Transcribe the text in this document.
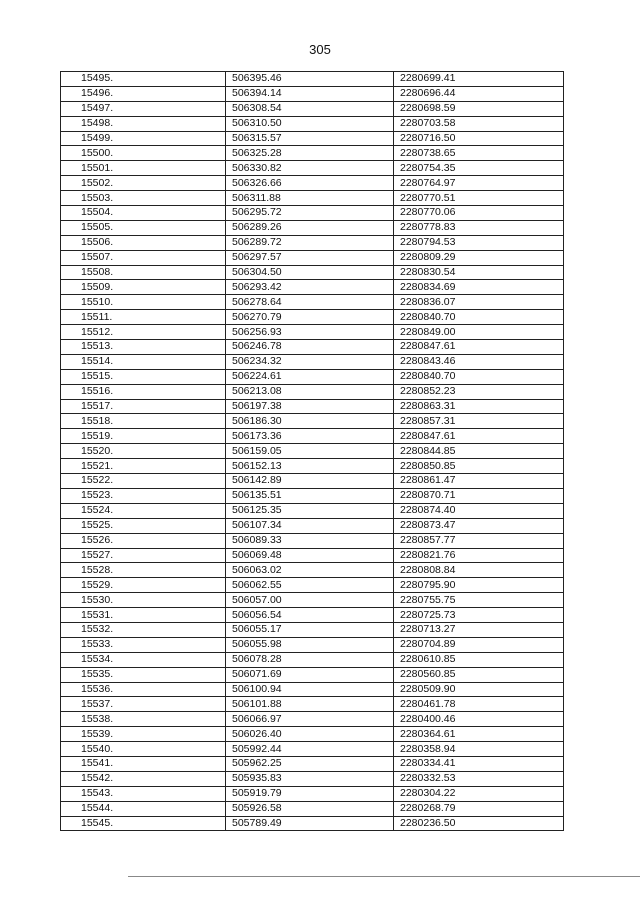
305
15495.	506395.46	2280699.41
15496.	506394.14	2280696.44
15497.	506308.54	2280698.59
15498.	506310.50	2280703.58
15499.	506315.57	2280716.50
15500.	506325.28	2280738.65
15501.	506330.82	2280754.35
15502.	506326.66	2280764.97
15503.	506311.88	2280770.51
15504.	506295.72	2280770.06
15505.	506289.26	2280778.83
15506.	506289.72	2280794.53
15507.	506297.57	2280809.29
15508.	506304.50	2280830.54
15509.	506293.42	2280834.69
15510.	506278.64	2280836.07
15511.	506270.79	2280840.70
15512.	506256.93	2280849.00
15513.	506246.78	2280847.61
15514.	506234.32	2280843.46
15515.	506224.61	2280840.70
15516.	506213.08	2280852.23
15517.	506197.38	2280863.31
15518.	506186.30	2280857.31
15519.	506173.36	2280847.61
15520.	506159.05	2280844.85
15521.	506152.13	2280850.85
15522.	506142.89	2280861.47
15523.	506135.51	2280870.71
15524.	506125.35	2280874.40
15525.	506107.34	2280873.47
15526.	506089.33	2280857.77
15527.	506069.48	2280821.76
15528.	506063.02	2280808.84
15529.	506062.55	2280795.90
15530.	506057.00	2280755.75
15531.	506056.54	2280725.73
15532.	506055.17	2280713.27
15533.	506055.98	2280704.89
15534.	506078.28	2280610.85
15535.	506071.69	2280560.85
15536.	506100.94	2280509.90
15537.	506101.88	2280461.78
15538.	506066.97	2280400.46
15539.	506026.40	2280364.61
15540.	505992.44	2280358.94
15541.	505962.25	2280334.41
15542.	505935.83	2280332.53
15543.	505919.79	2280304.22
15544.	505926.58	2280268.79
15545.	505789.49	2280236.50
